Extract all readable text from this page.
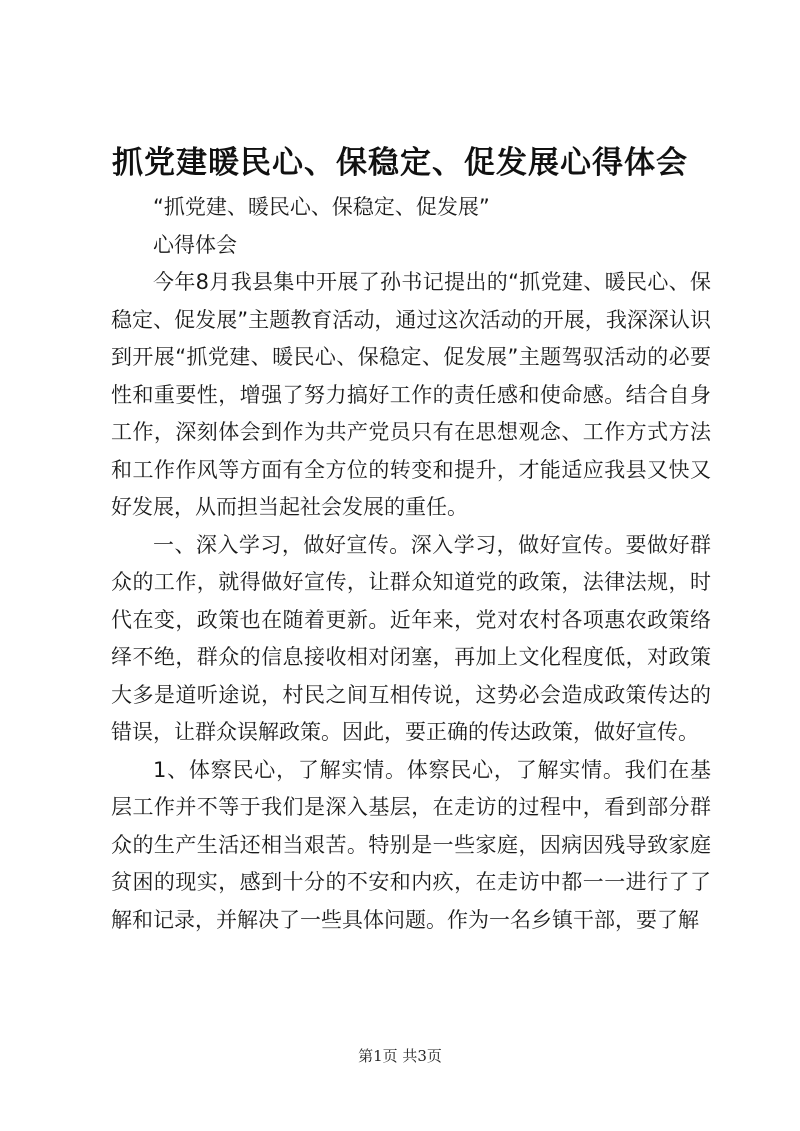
抓党建暖民心、保稳定、促发展心得体会

“抓党建、暖民心、保稳定、促发展”

心得体会

今年8月我县集中开展了孙书记提出的“抓党建、暖民心、保稳定、促发展”主题教育活动，通过这次活动的开展，我深深认识到开展“抓党建、暖民心、保稳定、促发展”主题驾驭活动的必要性和重要性，增强了努力搞好工作的责任感和使命感。结合自身工作，深刻体会到作为共产党员只有在思想观念、工作方式方法和工作作风等方面有全方位的转变和提升，才能适应我县又快又好发展，从而担当起社会发展的重任。

一、深入学习，做好宣传。深入学习，做好宣传。要做好群众的工作，就得做好宣传，让群众知道党的政策，法律法规，时代在变，政策也在随着更新。近年来，党对农村各项惠农政策络绎不绝，群众的信息接收相对闭塞，再加上文化程度低，对政策大多是道听途说，村民之间互相传说，这势必会造成政策传达的错误，让群众误解政策。因此，要正确的传达政策，做好宣传。

1、体察民心，了解实情。体察民心，了解实情。我们在基层工作并不等于我们是深入基层，在走访的过程中，看到部分群众的生产生活还相当艰苦。特别是一些家庭，因病因残导致家庭贫困的现实，感到十分的不安和内疚，在走访中都一一进行了了解和记录，并解决了一些具体问题。作为一名乡镇干部，要了解

第1页 共3页
